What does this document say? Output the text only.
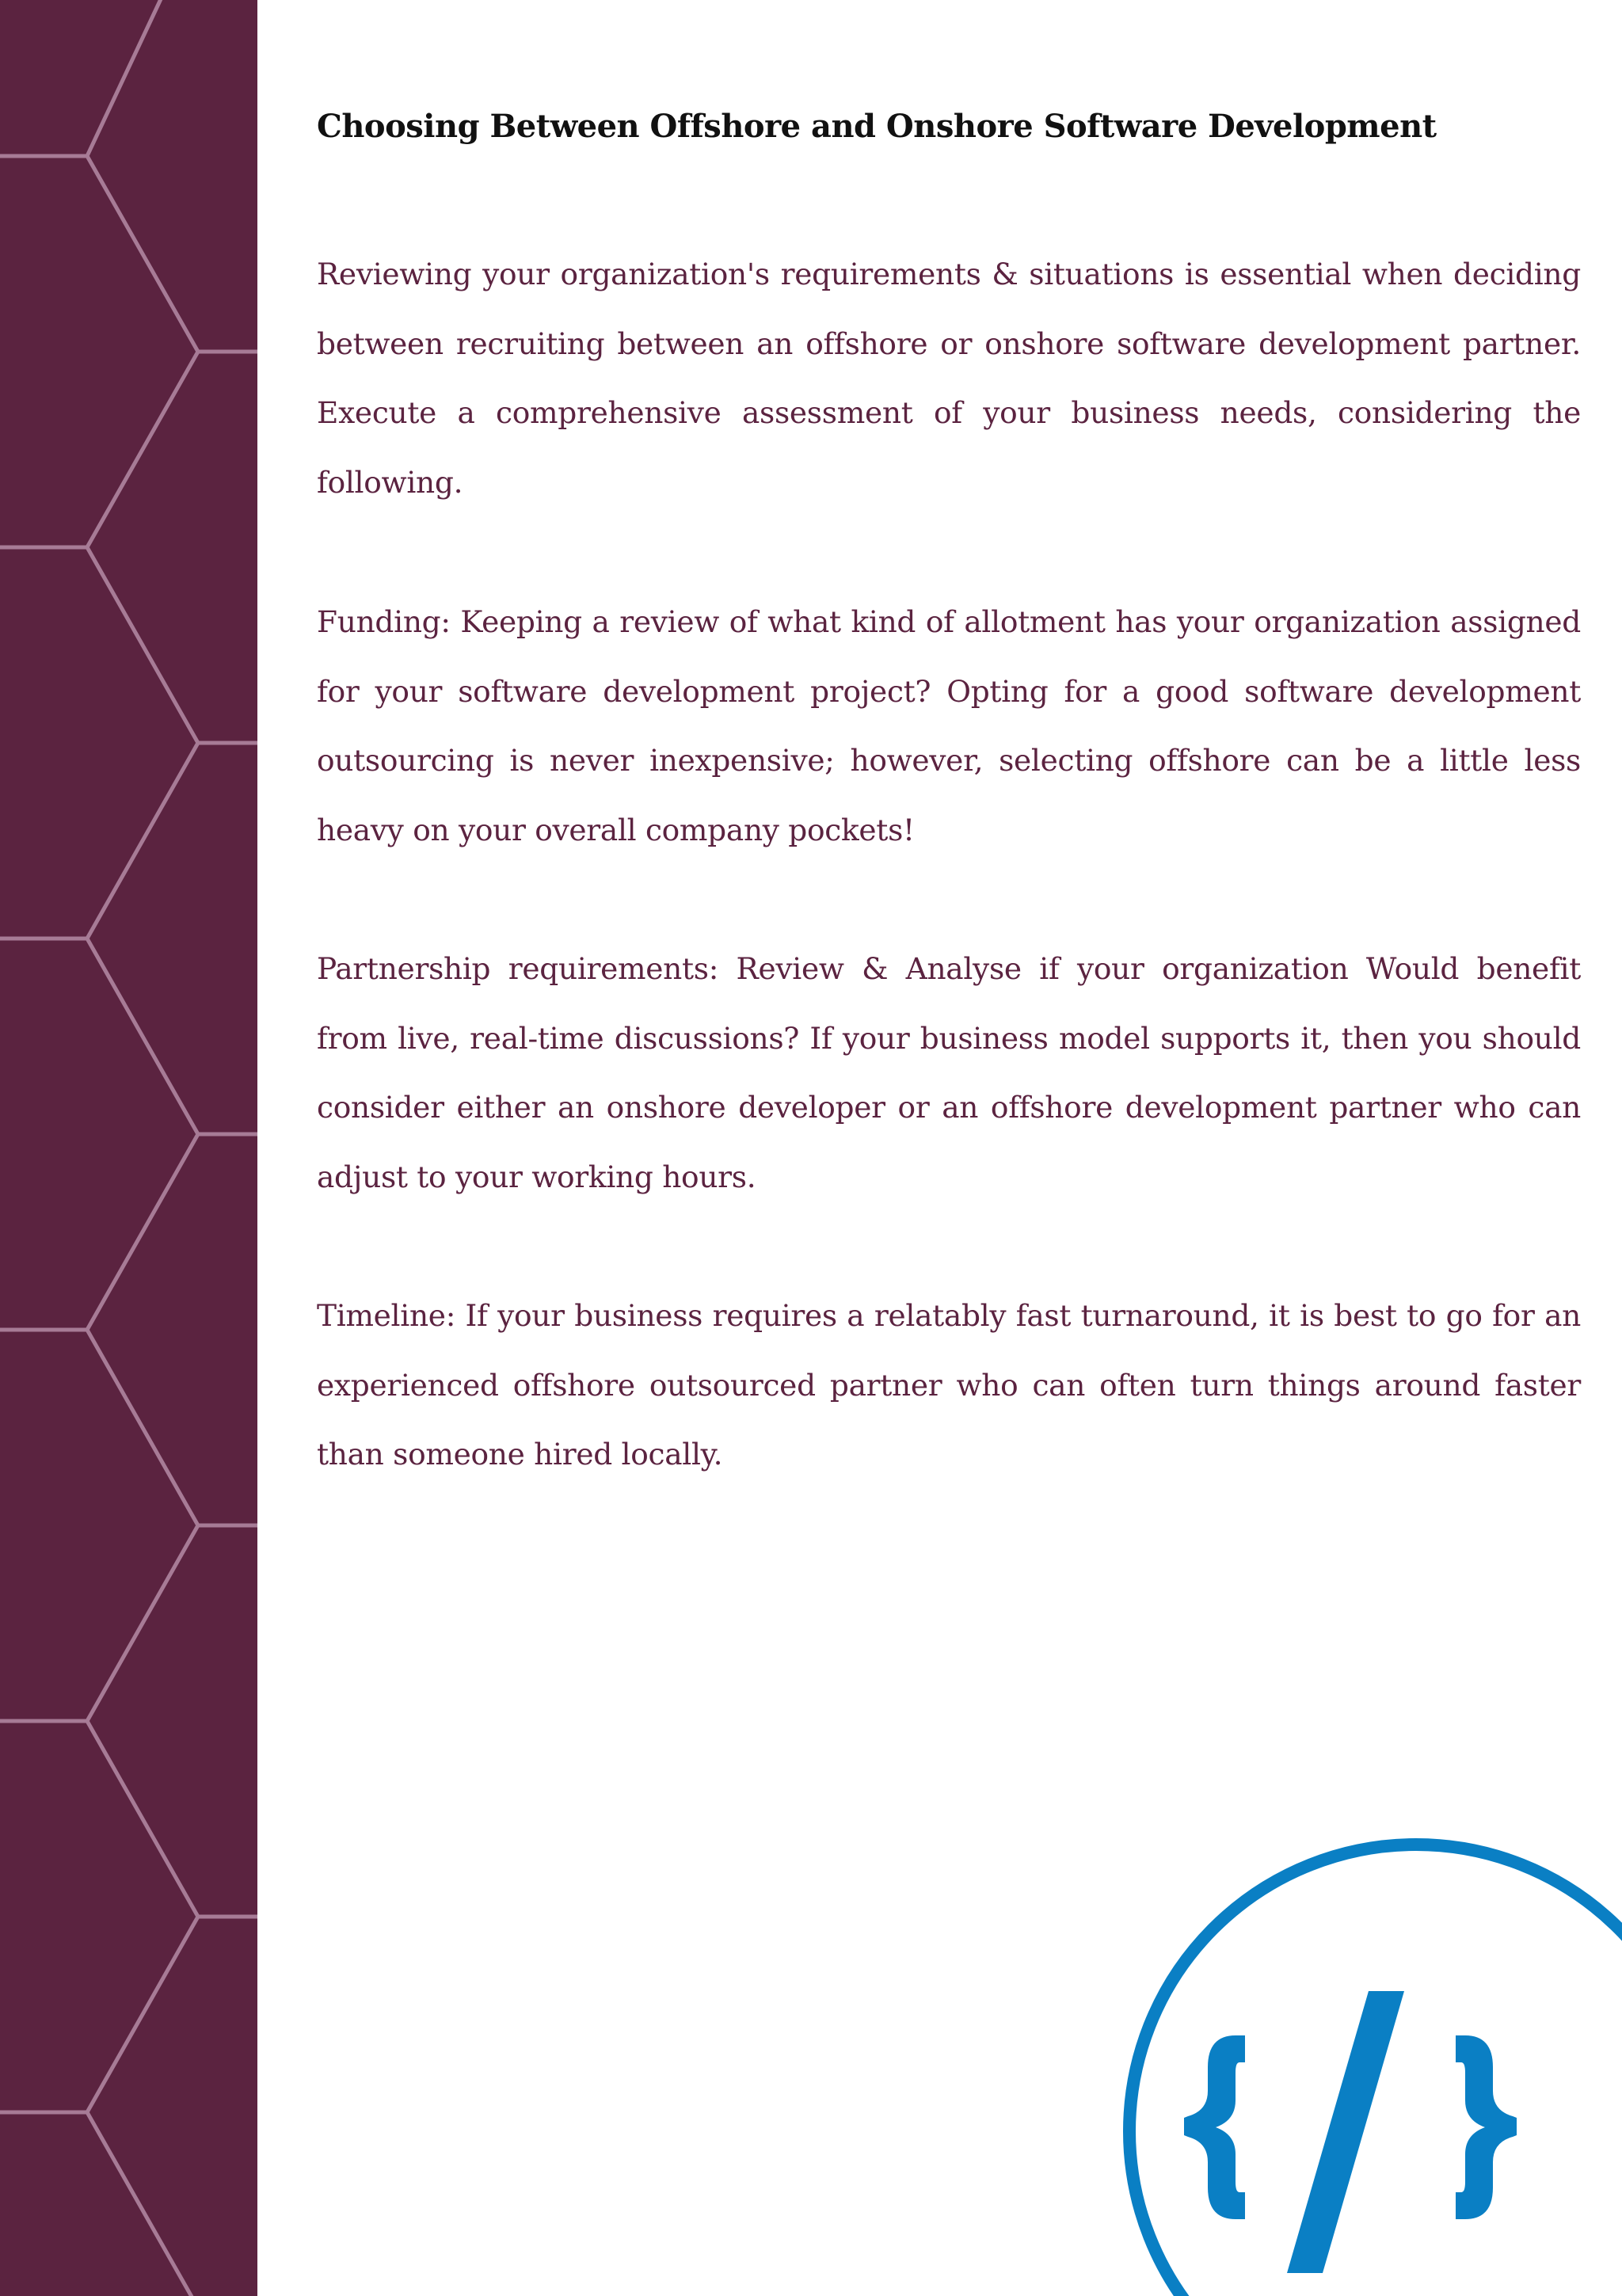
Choosing Between Offshore and Onshore Software Development

Reviewing your organization's requirements & situations is essential when deciding between recruiting between an offshore or onshore software development partner. Execute a comprehensive assessment of your business needs, considering the following.

Funding: Keeping a review of what kind of allotment has your organization assigned for your software development project? Opting for a good software development outsourcing is never inexpensive; however, selecting offshore can be a little less heavy on your overall company pockets!

Partnership requirements: Review & Analyse if your organization Would benefit from live, real-time discussions? If your business model supports it, then you should consider either an onshore developer or an offshore development partner who can adjust to your working hours.

Timeline: If your business requires a relatably fast turnaround, it is best to go for an experienced offshore outsourced partner who can often turn things around faster than someone hired locally.
